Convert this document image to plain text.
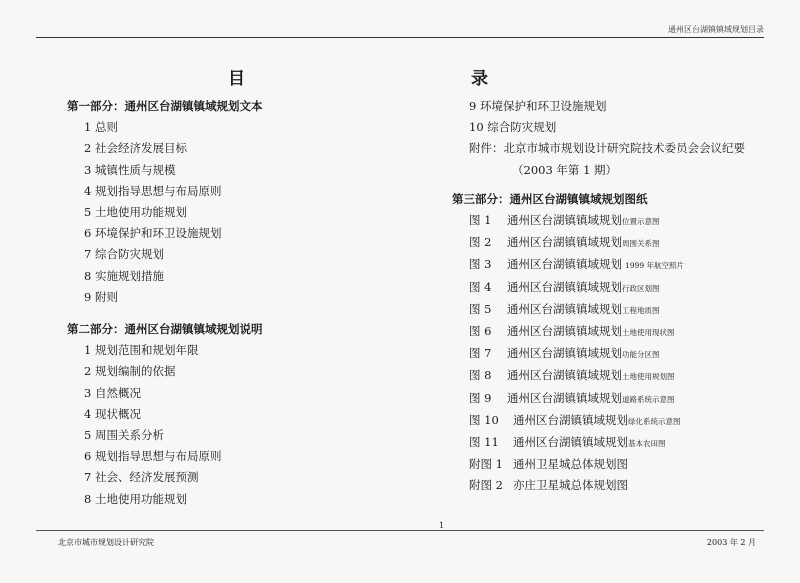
通州区台湖镇镇域规划目录
目	录
第一部分：通州区台湖镇镇域规划文本
1 总则
2 社会经济发展目标
3 城镇性质与规模
4 规划指导思想与布局原则
5 土地使用功能规划
6 环境保护和环卫设施规划
7 综合防灾规划
8 实施规划措施
9 附则
第二部分：通州区台湖镇镇域规划说明
1 规划范围和规划年限
2 规划编制的依据
3 自然概况
4 现状概况
5 周围关系分析
6 规划指导思想与布局原则
7 社会、经济发展预测
8 土地使用功能规划
9 环境保护和环卫设施规划
10 综合防灾规划
附件：北京市城市规划设计研究院技术委员会会议纪要
（2003 年第 1 期）
第三部分：通州区台湖镇镇域规划图纸
图 1 通州区台湖镇镇域规划位置示意图
图 2 通州区台湖镇镇域规划周围关系图
图 3 通州区台湖镇镇域规划 1999 年航空照片
图 4 通州区台湖镇镇域规划行政区划图
图 5 通州区台湖镇镇域规划工程地质图
图 6 通州区台湖镇镇域规划土地使用现状图
图 7 通州区台湖镇镇域规划功能分区图
图 8 通州区台湖镇镇域规划土地使用规划图
图 9 通州区台湖镇镇域规划道路系统示意图
图 10 通州区台湖镇镇域规划绿化系统示意图
图 11 通州区台湖镇镇域规划基本农田图
附图 1 通州卫星城总体规划图
附图 2 亦庄卫星城总体规划图
1
北京市城市规划设计研究院	2003 年 2 月
